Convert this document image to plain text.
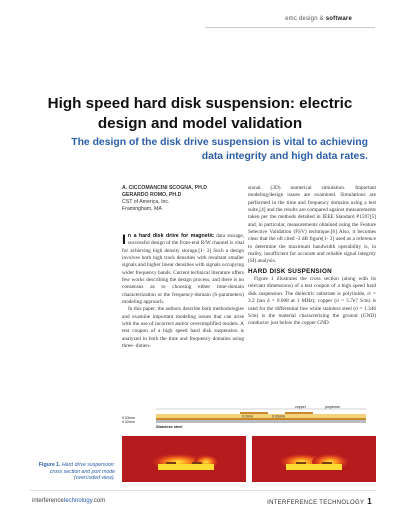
emc design & software
High speed hard disk suspension: electric
design and model validation
The design of the disk drive suspension is vital to achieving
data integrity and high data rates.
A. CICCOMANCINI SCOGNA, PH.D
GERARDO ROMO, PH.D
CST of America, Inc.
Framingham, MA

In a hard disk drive for magnetic data storage, successful design of the front-end R/W channel is vital for achieving high density storage.[1- 3] Such a design involves both high track densities with resultant smaller signals and higher linear densities with signals occupying wider frequency bands. Current technical literature offers few works describing the design process, and there is no consensus as to choosing either time-domain characterization or the frequency-domain (S-parameters) modeling approach.

In this paper, the authors describe both methodologies and examine important modeling issues that can arise with the use of incorrect and/or oversimplified models. A test coupon of a high speed hard disk suspension is analyzed in both the time and frequency domains using three- dimen-

sional (3D) numerical simulation. Important modeling/design issues are examined. Simulations are performed in the time and frequency domains using a test suite,[4] and the results are compared against measurements taken per the methods detailed in IEEE Standard P1597[5] and, in particular, measurements obtained using the Feature Selective Validation (FSV) technique.[6] Also, it becomes clear that the oft cited -3 dB figure[1- 3] used as a reference to determine the maximum bandwidth operability is, in reality, insufficient for accurate and reliable signal integrity (SI) analysis.

HARD DISK SUSPENSION

Figure 1 illustrates the cross section (along with its relevant dimensions) of a test coupon of a high speed hard disk suspension. The dielectric substrate is polyimide, εr = 3.2 (tan δ = 0.008 at 1 MHz); copper (σ = 5.7e7 S/m) is used for the differential line while stainless steel (σ = 1.346 S/m) is the material characterizing the ground (GND) conductor just below the copper GND.

copper	polyimide
0.2mm	0.03mm
0.03mm
0.02mm
Stainless steel
Figure 1. Hard drive suspension: cross section and port mode (overcoded view).
interferencetechnology.com	INTERFERENCE TECHNOLOGY 1
